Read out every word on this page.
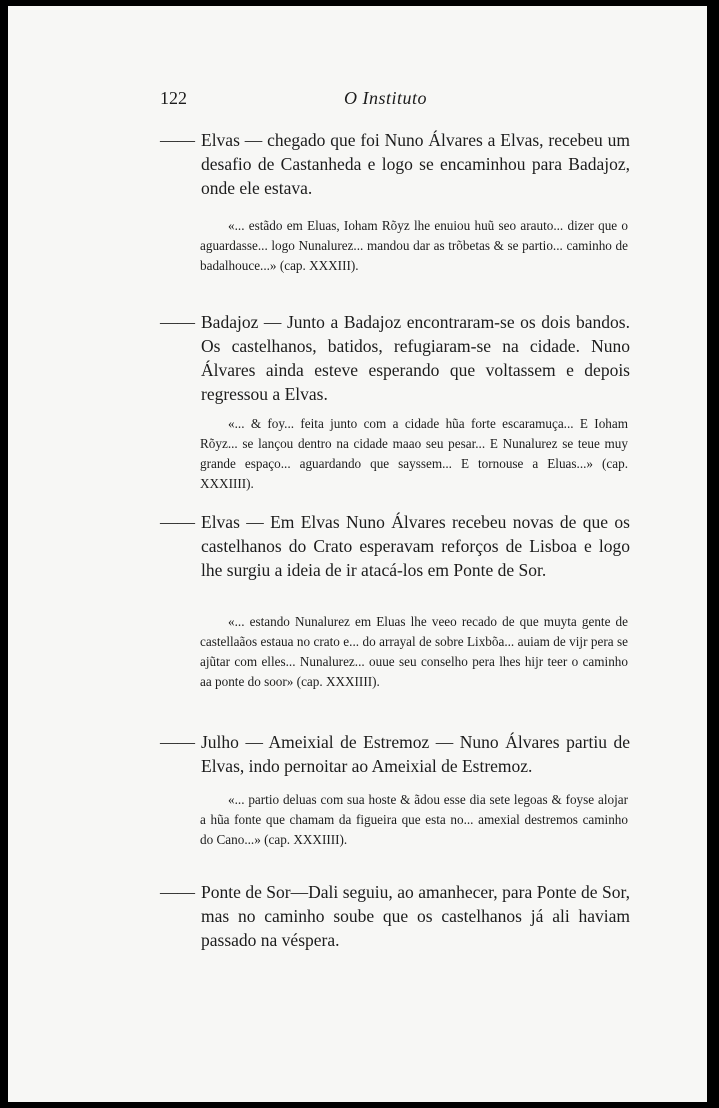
122	O Instituto

—— Elvas — chegado que foi Nuno Álvares a Elvas, recebeu um desafio de Castanheda e logo se encaminhou para Badajoz, onde ele estava.

«... estãdo em Eluas, Ioham Rõyz lhe enuiou huũ seo arauto... dizer que o aguardasse... logo Nunalurez... mandou dar as trõbetas & se partio... caminho de badalhouce...» (cap. XXXIII).

—— Badajoz — Junto a Badajoz encontraram-se os dois bandos. Os castelhanos, batidos, refugiaram-se na cidade. Nuno Álvares ainda esteve esperando que voltassem e depois regressou a Elvas.

«... & foy... feita junto com a cidade hũa forte escaramuça... E Ioham Rõyz... se lançou dentro na cidade maao seu pesar... E Nunalurez se teue muy grande espaço... aguardando que sayssem... E tornouse a Eluas...» (cap. XXXIIII).

—— Elvas — Em Elvas Nuno Álvares recebeu novas de que os castelhanos do Crato esperavam reforços de Lisboa e logo lhe surgiu a ideia de ir atacá-los em Ponte de Sor.

«... estando Nunalurez em Eluas lhe veeo recado de que muyta gente de castellaãos estaua no crato e... do arrayal de sobre Lixbõa... auiam de vijr pera se ajũtar com elles... Nunalurez... ouue seu conselho pera lhes hijr teer o caminho aa ponte do soor» (cap. XXXIIII).

—— Julho — Ameixial de Estremoz — Nuno Álvares partiu de Elvas, indo pernoitar ao Ameixial de Estremoz.

«... partio deluas com sua hoste & ãdou esse dia sete legoas & foyse alojar a hũa fonte que chamam da figueira que esta no... amexial destremos caminho do Cano...» (cap. XXXIIII).

—— Ponte de Sor—Dali seguiu, ao amanhecer, para Ponte de Sor, mas no caminho soube que os castelhanos já ali haviam passado na véspera.
